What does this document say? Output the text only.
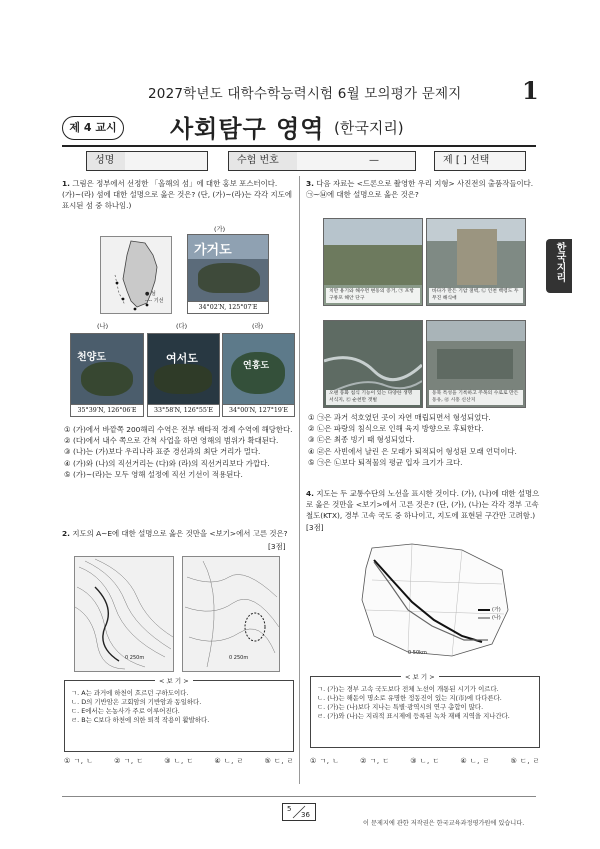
2027학년도 대학수학능력시험 6월 모의평가 문제지	1
제 4 교시	사회탐구 영역 (한국지리)
성명	수험 번호	—	제 [ ] 선택
한국지리
1. 그림은 정부에서 선정한 「올해의 섬」에 대한 홍보 포스터이다. (가)~(라) 섬에 대한 설명으로 옳은 것은? (단, (가)~(라)는 각각 지도에 표시된 섬 중 하나임.)
● 섬
---- 기선
(가)
가거도
34°02′N, 125°07′E
(나)	(다)	(라)
천양도
35°39′N, 126°06′E
여서도
33°58′N, 126°55′E
연홍도
34°00′N, 127°19′E
① (가)에서 바깥쪽 200해리 수역은 전부 배타적 경제 수역에 해당한다.
② (다)에서 내수 쪽으로 간척 사업을 하면 영해의 범위가 확대된다.
③ (나)는 (가)보다 우리나라 표준 경선과의 최단 거리가 멀다.
④ (가)와 (나)의 직선거리는 (다)와 (라)의 직선거리보다 가깝다.
⑤ (가)~(라)는 모두 영해 설정에 직선 기선이 적용된다.
2. 지도의 A~E에 대한 설명으로 옳은 것만을 <보기>에서 고른 것은?
[3점]
0 250m	0 250m
< 보 기 >
ㄱ. A는 과거에 하천이 흐르던 구하도이다.
ㄴ. D의 기반암은 고회암의 기반암과 동일하다.
ㄷ. E에서는 논농사가 주로 이루어진다.
ㄹ. B는 C보다 하천에 의한 퇴적 작용이 활발하다.
① ㄱ, ㄴ	② ㄱ, ㄷ	③ ㄴ, ㄷ	④ ㄴ, ㄹ	⑤ ㄷ, ㄹ
3. 다음 자료는 <드론으로 촬영한 우리 지형> 사진전의 출품작들이다. ㉠~㉥에 대한 설명으로 옳은 것은?
치만 용기와 해수면 변동의 증거, ㉠ 포항 구룡포 해안 단구
바다가 만든 기암 절벽, ㉡ 인천 백령도 두무진 해식애
오랜 풍화 침식 기능이 있는 다양한 생명 서식지, ㉢ 순천만 갯벌
동북 특성을 기록하고 주목의 수로로 만든 동유, ㉣ 시흥 신산지
① ㉠은 과거 석호였던 곳이 자연 매립되면서 형성되었다.
② ㉡은 파랑의 침식으로 인해 육지 방향으로 후퇴한다.
③ ㉢은 최종 빙기 때 형성되었다.
④ ㉣은 사빈에서 날린 은 모래가 퇴적되어 형성된 모래 언덕이다.
⑤ ㉠은 ㉡보다 퇴적물의 평균 입자 크기가 크다.
4. 지도는 두 교통수단의 노선을 표시한 것이다. (가), (나)에 대한 설명으로 옳은 것만을 <보기>에서 고른 것은? (단, (가), (나)는 각각 경부 고속 철도(KTX), 경부 고속 국도 중 하나이고, 지도에 표현된 구간만 고려함.) [3점]
(가)
(나)
0 50km
< 보 기 >
ㄱ. (가)는 경부 고속 국도보다 전체 노선이 개통된 시기가 이르다.
ㄴ. (나)는 해돋이 명소로 유명한 정동진이 있는 지(市)에 다다른다.
ㄷ. (가)는 (나)보다 지나는 특별·광역시의 연구 총합이 많다.
ㄹ. (가)와 (나)는 지리적 표시제에 등록된 녹차 재배 지역을 지나간다.
① ㄱ, ㄴ	② ㄱ, ㄷ	③ ㄴ, ㄷ	④ ㄴ, ㄹ	⑤ ㄷ, ㄹ
5
36
이 문제지에 관한 저작권은 한국교육과정평가원에 있습니다.
